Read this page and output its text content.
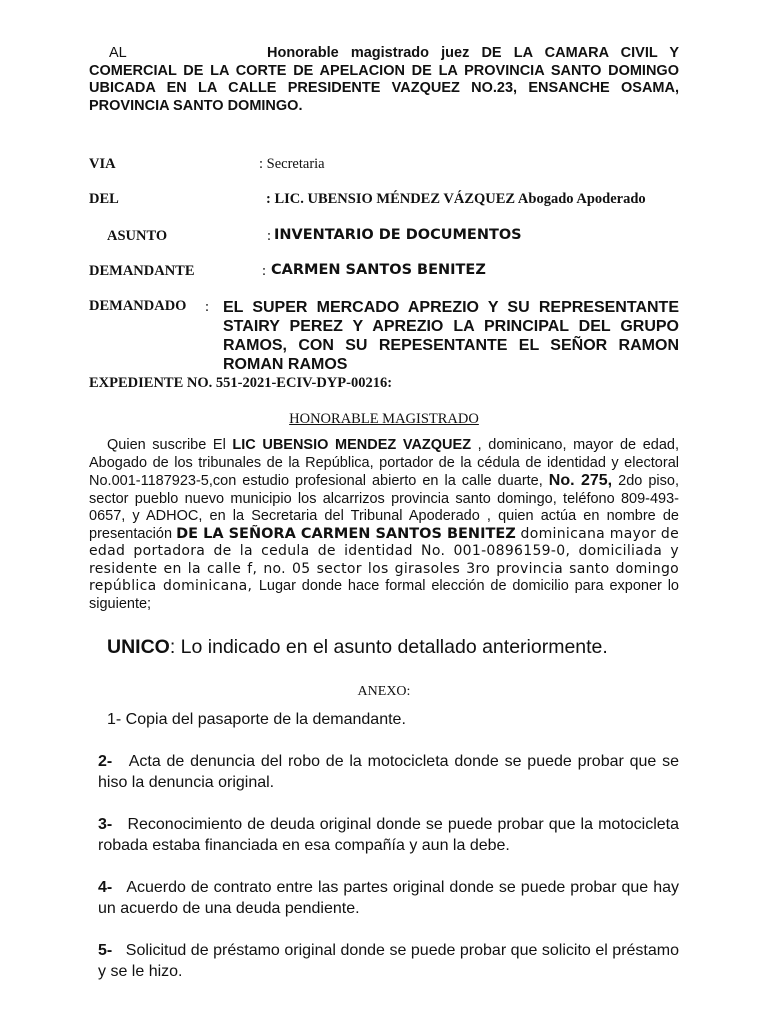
AL	Honorable magistrado juez DE LA CAMARA CIVIL Y COMERCIAL DE LA CORTE DE APELACION DE LA PROVINCIA SANTO DOMINGO UBICADA EN LA CALLE PRESIDENTE VAZQUEZ NO.23, ENSANCHE OSAMA, PROVINCIA SANTO DOMINGO.
VIA	: Secretaria
DEL	: LIC. UBENSIO MÉNDEZ VÁZQUEZ Abogado Apoderado
ASUNTO	: INVENTARIO DE DOCUMENTOS
DEMANDANTE	: CARMEN SANTOS BENITEZ
DEMANDADO : EL SUPER MERCADO APREZIO Y SU REPRESENTANTE STAIRY PEREZ Y APREZIO LA PRINCIPAL DEL GRUPO RAMOS, CON SU REPESENTANTE EL SEÑOR RAMON ROMAN RAMOS
EXPEDIENTE NO. 551-2021-ECIV-DYP-00216:
HONORABLE MAGISTRADO
Quien suscribe El LIC UBENSIO MENDEZ VAZQUEZ , dominicano, mayor de edad, Abogado de los tribunales de la República, portador de la cédula de identidad y electoral No.001-1187923-5,con estudio profesional abierto en la calle duarte, No. 275, 2do piso, sector pueblo nuevo municipio los alcarrizos provincia santo domingo, teléfono 809-493-0657, y ADHOC, en la Secretaria del Tribunal Apoderado , quien actúa en nombre de presentación DE LA SEÑORA CARMEN SANTOS BENITEZ dominicana mayor de edad portadora de la cedula de identidad No. 001-0896159-0, domiciliada y residente en la calle f, no. 05 sector los girasoles 3ro provincia santo domingo república dominicana, Lugar donde hace formal elección de domicilio para exponer lo siguiente;
UNICO: Lo indicado en el asunto detallado anteriormente.
ANEXO:
1- Copia del pasaporte de la demandante.
2-   Acta de denuncia del robo de la motocicleta donde se puede probar que se hiso la denuncia original.
3-   Reconocimiento de deuda original donde se puede probar que la motocicleta robada estaba financiada en esa compañía y aun la debe.
4-   Acuerdo de contrato entre las partes original donde se puede probar que hay un acuerdo de una deuda pendiente.
5-   Solicitud de préstamo original donde se puede probar que solicito el préstamo y se le hizo.
